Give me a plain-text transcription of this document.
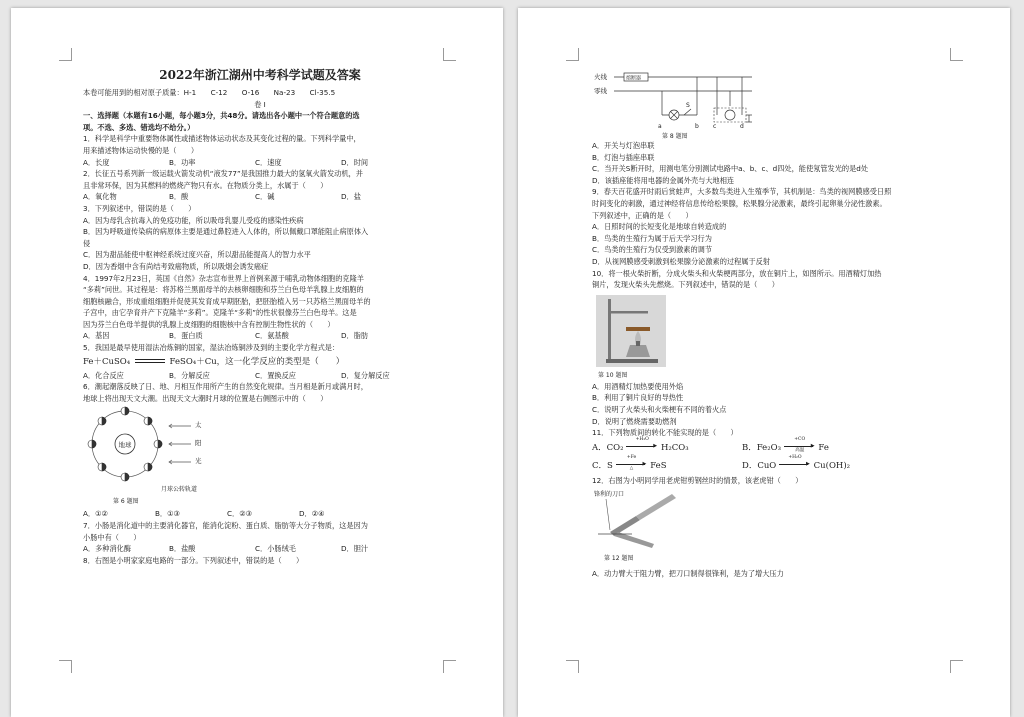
2022年浙江湖州中考科学试题及答案
本卷可能用到的相对原子质量：H-1　　C-12　　O-16　　Na-23　　Cl-35.5
卷 I
一、选择题（本题有16小题，每小题3分，共48分。请选出各小题中一个符合题意的选
项。不选、多选、错选均不给分。）
1．科学是科学中重要物体属性或描述物体运动状态及其变化过程的量。下列科学量中，
用来描述物体运动快慢的是（　　）
A．长度	B．功率	C．速度	D．时间
2．长征五号系列新一级运载火箭发动机“液发77”是我国推力最大的氢氧火箭发动机，并
且非常环保，因为其燃料的燃烧产物只有水。在物质分类上，水属于（　　）
A．氧化物	B．酸	C．碱	D．盐
3．下列叙述中，错误的是（　　）
A．因为母乳含抗毒入的免疫功能，所以吸母乳婴儿受疫的感染性疾病
B．因为呼吸道传染病的病原体主要是通过鼻腔进入人体的，所以佩戴口罩能阻止病原体入
侵
C．因为甜品能使中枢神经系统过度兴奋，所以甜品能提高人的智力水平
D．因为香烟中含有尚结考致癌物质，所以吸烟会诱发癌症
4．1997年2月23日，英国《自然》杂志宣布世界上首例来源于哺乳动物体细胞的克隆羊
“多莉”问世。其过程是：将苏格兰黑面母羊的去核卵细胞和芬兰白色母羊乳腺上皮细胞的
细胞核融合，形成重组细胞并促使其发育成早期胚胎，把胚胎植入另一只苏格兰黑面母羊的
子宫中，由它孕育并产下克隆羊“多莉”。克隆羊“多莉”的性状很像芬兰白色母羊。这是
因为芬兰白色母羊提供的乳腺上皮细胞的细胞核中含有控制生物性状的（　　）
A．基因	B．蛋白质	C．氨基酸	D．脂肪
5．我国是最早使用湿法冶炼铜的国家，湿法冶炼铜涉及到的主要化学方程式是：
Fe＋CuSO₄	FeSO₄＋Cu，这一化学反应的类型是（　　）
A．化合反应	B．分解反应	C．置换反应	D．复分解反应
6．潮起潮落反映了日、地、月相互作用所产生的自然变化规律。当月相是新月或满月时，
地球上将出现天文大潮。出现天文大潮时月球的位置是右侧图示中的（　　）
地球
太
阳
光
月球公转轨道
第 6 题图
A．①②	B．①③	C．②③	D．②④
7．小肠是消化道中的主要消化器官，能消化淀粉、蛋白质、脂肪等大分子物质，这是因为
小肠中有（　　）
A．多种消化酶	B．盐酸	C．小肠绒毛	D．胆汁
8．右图是小明家家庭电路的一部分。下列叙述中，错误的是（　　）
火线
零线
熔断器
a
S
b c	d
第 8 题图
A．开关与灯泡串联
B．灯泡与插座串联
C．当开关S断开时，用测电笔分别测试电路中a、b、c、d四处，能使氖管发光的是d处
D．该插座能将用电器的金属外壳与大地相连
9．春天百花盛开时雨后赏蛙声，大多数鸟类进入生殖季节，其机制是：鸟类的视网膜感受日照
时间变化的刺激，通过神经将信息传给松果腺，松果腺分泌激素，最终引起卵巢分泌性激素。
下列叙述中，正确的是（　　）
A．日照时间的长短变化是地球自转造成的
B．鸟类的生殖行为属于后天学习行为
C．鸟类的生殖行为仅受到激素的调节
D．从视网膜感受刺激到松果腺分泌激素的过程属于反射
10．将一根火柴折断，分成火柴头和火柴梗两部分，放在铜片上，如图所示。用酒精灯加热
铜片，发现火柴头先燃烧。下列叙述中，错误的是（　　）
第 10 题图
A．用酒精灯加热要使用外焰
B．利用了铜片良好的导热性
C．说明了火柴头和火柴梗有不同的着火点
D．说明了燃烧需要助燃剂
11．下列物质间的转化不能实现的是（　　）
A．CO₂
+H₂O
▶ H₂CO₃	B．Fe₂O₃
+CO
▶
高温	Fe
C．S
+Fe
▶
△	FeS	D．CuO
+H₂O
▶ Cu(OH)₂
12．右图为小明同学用老虎钳剪钢丝时的情景，该老虎钳（　　）
锋利的刀口
第 12 题图
A．动力臂大于阻力臂，把刀口制得很锋利，是为了增大压力
